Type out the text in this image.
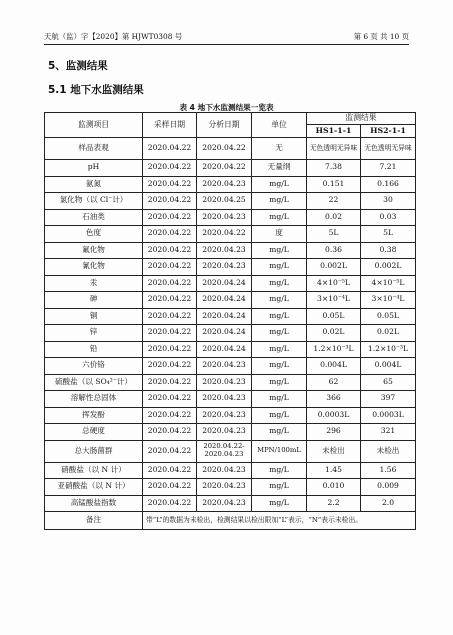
天航（监）字【2020】第 HJWT0308 号	第 6 页 共 10 页
5、监测结果
5.1 地下水监测结果
表 4 地下水监测结果一览表
监测项目	采样日期	分析日期	单位	监测结果	
				HS1-1-1	HS2-1-1
样品表观	2020.04.22	2020.04.22	无	无色透明无异味	无色透明无异味
pH	2020.04.22	2020.04.22	无量纲	7.38	7.21
氨氮	2020.04.22	2020.04.23	mg/L	0.151	0.166
氯化物（以 Cl⁻计）	2020.04.22	2020.04.25	mg/L	22	30
石油类	2020.04.22	2020.04.23	mg/L	0.02	0.03
色度	2020.04.22	2020.04.22	度	5L	5L
氟化物	2020.04.22	2020.04.23	mg/L	0.36	0.38
氰化物	2020.04.22	2020.04.23	mg/L	0.002L	0.002L
汞	2020.04.22	2020.04.24	mg/L	4×10⁻⁵L	4×10⁻⁵L
砷	2020.04.22	2020.04.24	mg/L	3×10⁻⁴L	3×10⁻⁴L
铜	2020.04.22	2020.04.24	mg/L	0.05L	0.05L
锌	2020.04.22	2020.04.24	mg/L	0.02L	0.02L
铅	2020.04.22	2020.04.24	mg/L	1.2×10⁻³L	1.2×10⁻³L
六价铬	2020.04.22	2020.04.23	mg/L	0.004L	0.004L
硫酸盐（以 SO₄²⁻计）	2020.04.22	2020.04.23	mg/L	62	65
溶解性总固体	2020.04.22	2020.04.23	mg/L	366	397
挥发酚	2020.04.22	2020.04.23	mg/L	0.0003L	0.0003L
总硬度	2020.04.22	2020.04.23	mg/L	296	321
总大肠菌群	2020.04.22	2020.04.22-2020.04.23	MPN/100mL	未检出	未检出
硝酸盐（以 N 计）	2020.04.22	2020.04.23	mg/L	1.45	1.56
亚硝酸盐（以 N 计）	2020.04.22	2020.04.23	mg/L	0.010	0.009
高锰酸盐指数	2020.04.22	2020.04.23	mg/L	2.2	2.0
备注	带“L”的数据为未检出，检测结果以检出限加“L”表示，“N”表示未检出。				
